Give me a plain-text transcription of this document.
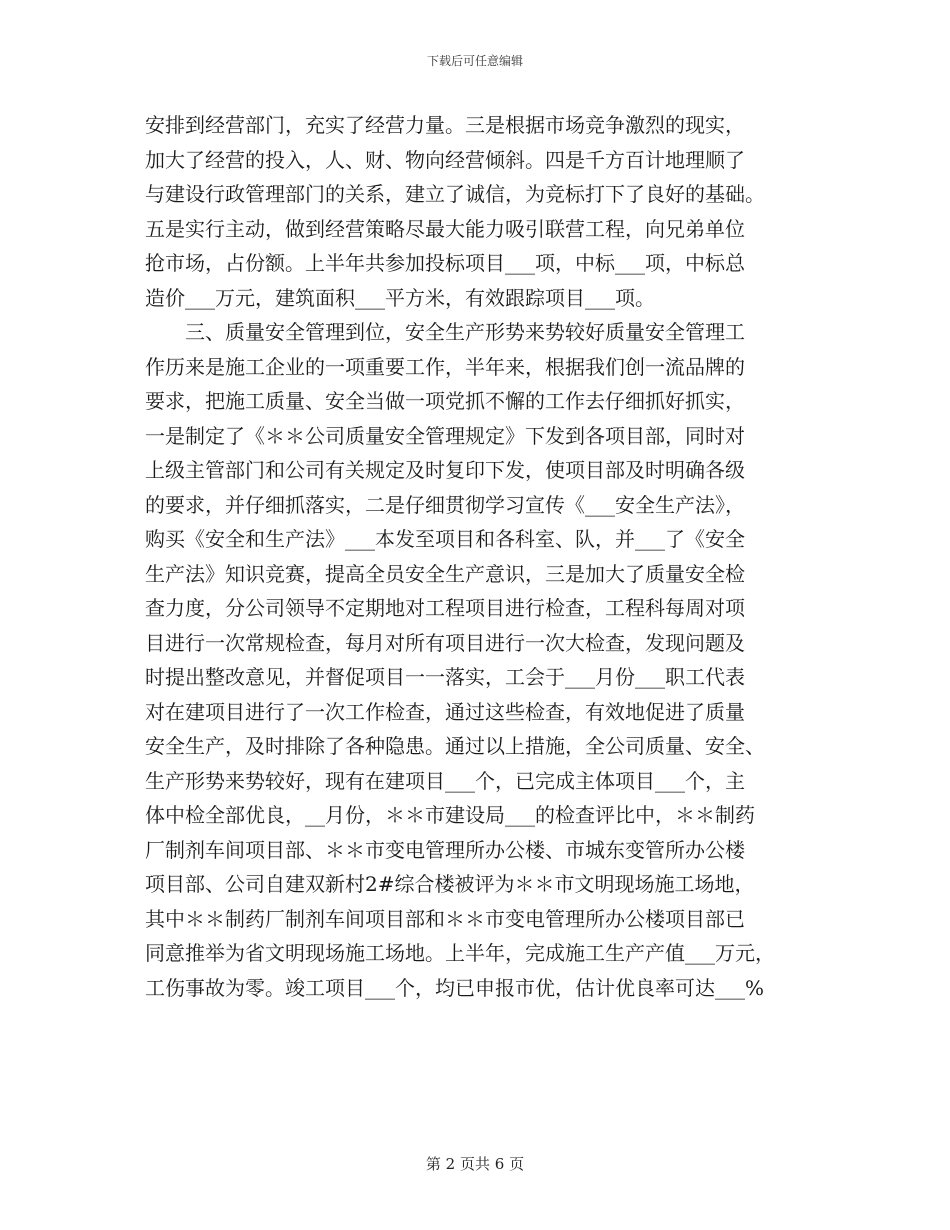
下载后可任意编辑
安排到经营部门，充实了经营力量。三是根据市场竞争激烈的现实，
加大了经营的投入，人、财、物向经营倾斜。四是千方百计地理顺了
与建设行政管理部门的关系，建立了诚信，为竞标打下了良好的基础。
五是实行主动，做到经营策略尽最大能力吸引联营工程，向兄弟单位
抢市场，占份额。上半年共参加投标项目___项，中标___项，中标总
造价___万元，建筑面积___平方米，有效跟踪项目___项。
　　三、质量安全管理到位，安全生产形势来势较好质量安全管理工
作历来是施工企业的一项重要工作，半年来，根据我们创一流品牌的
要求，把施工质量、安全当做一项党抓不懈的工作去仔细抓好抓实，
一是制定了《＊＊公司质量安全管理规定》下发到各项目部，同时对
上级主管部门和公司有关规定及时复印下发，使项目部及时明确各级
的要求，并仔细抓落实，二是仔细贯彻学习宣传《___安全生产法》，
购买《安全和生产法》___本发至项目和各科室、队，并___了《安全
生产法》知识竞赛，提高全员安全生产意识，三是加大了质量安全检
查力度，分公司领导不定期地对工程项目进行检查，工程科每周对项
目进行一次常规检查，每月对所有项目进行一次大检查，发现问题及
时提出整改意见，并督促项目一一落实，工会于___月份___职工代表
对在建项目进行了一次工作检查，通过这些检查，有效地促进了质量
安全生产，及时排除了各种隐患。通过以上措施，全公司质量、安全、
生产形势来势较好，现有在建项目___个，已完成主体项目___个，主
体中检全部优良，__月份，＊＊市建设局___的检查评比中，＊＊制药
厂制剂车间项目部、＊＊市变电管理所办公楼、市城东变管所办公楼
项目部、公司自建双新村2#综合楼被评为＊＊市文明现场施工场地，
其中＊＊制药厂制剂车间项目部和＊＊市变电管理所办公楼项目部已
同意推举为省文明现场施工场地。上半年，完成施工生产产值___万元，
工伤事故为零。竣工项目___个，均已申报市优，估计优良率可达___%
第 2 页共 6 页
